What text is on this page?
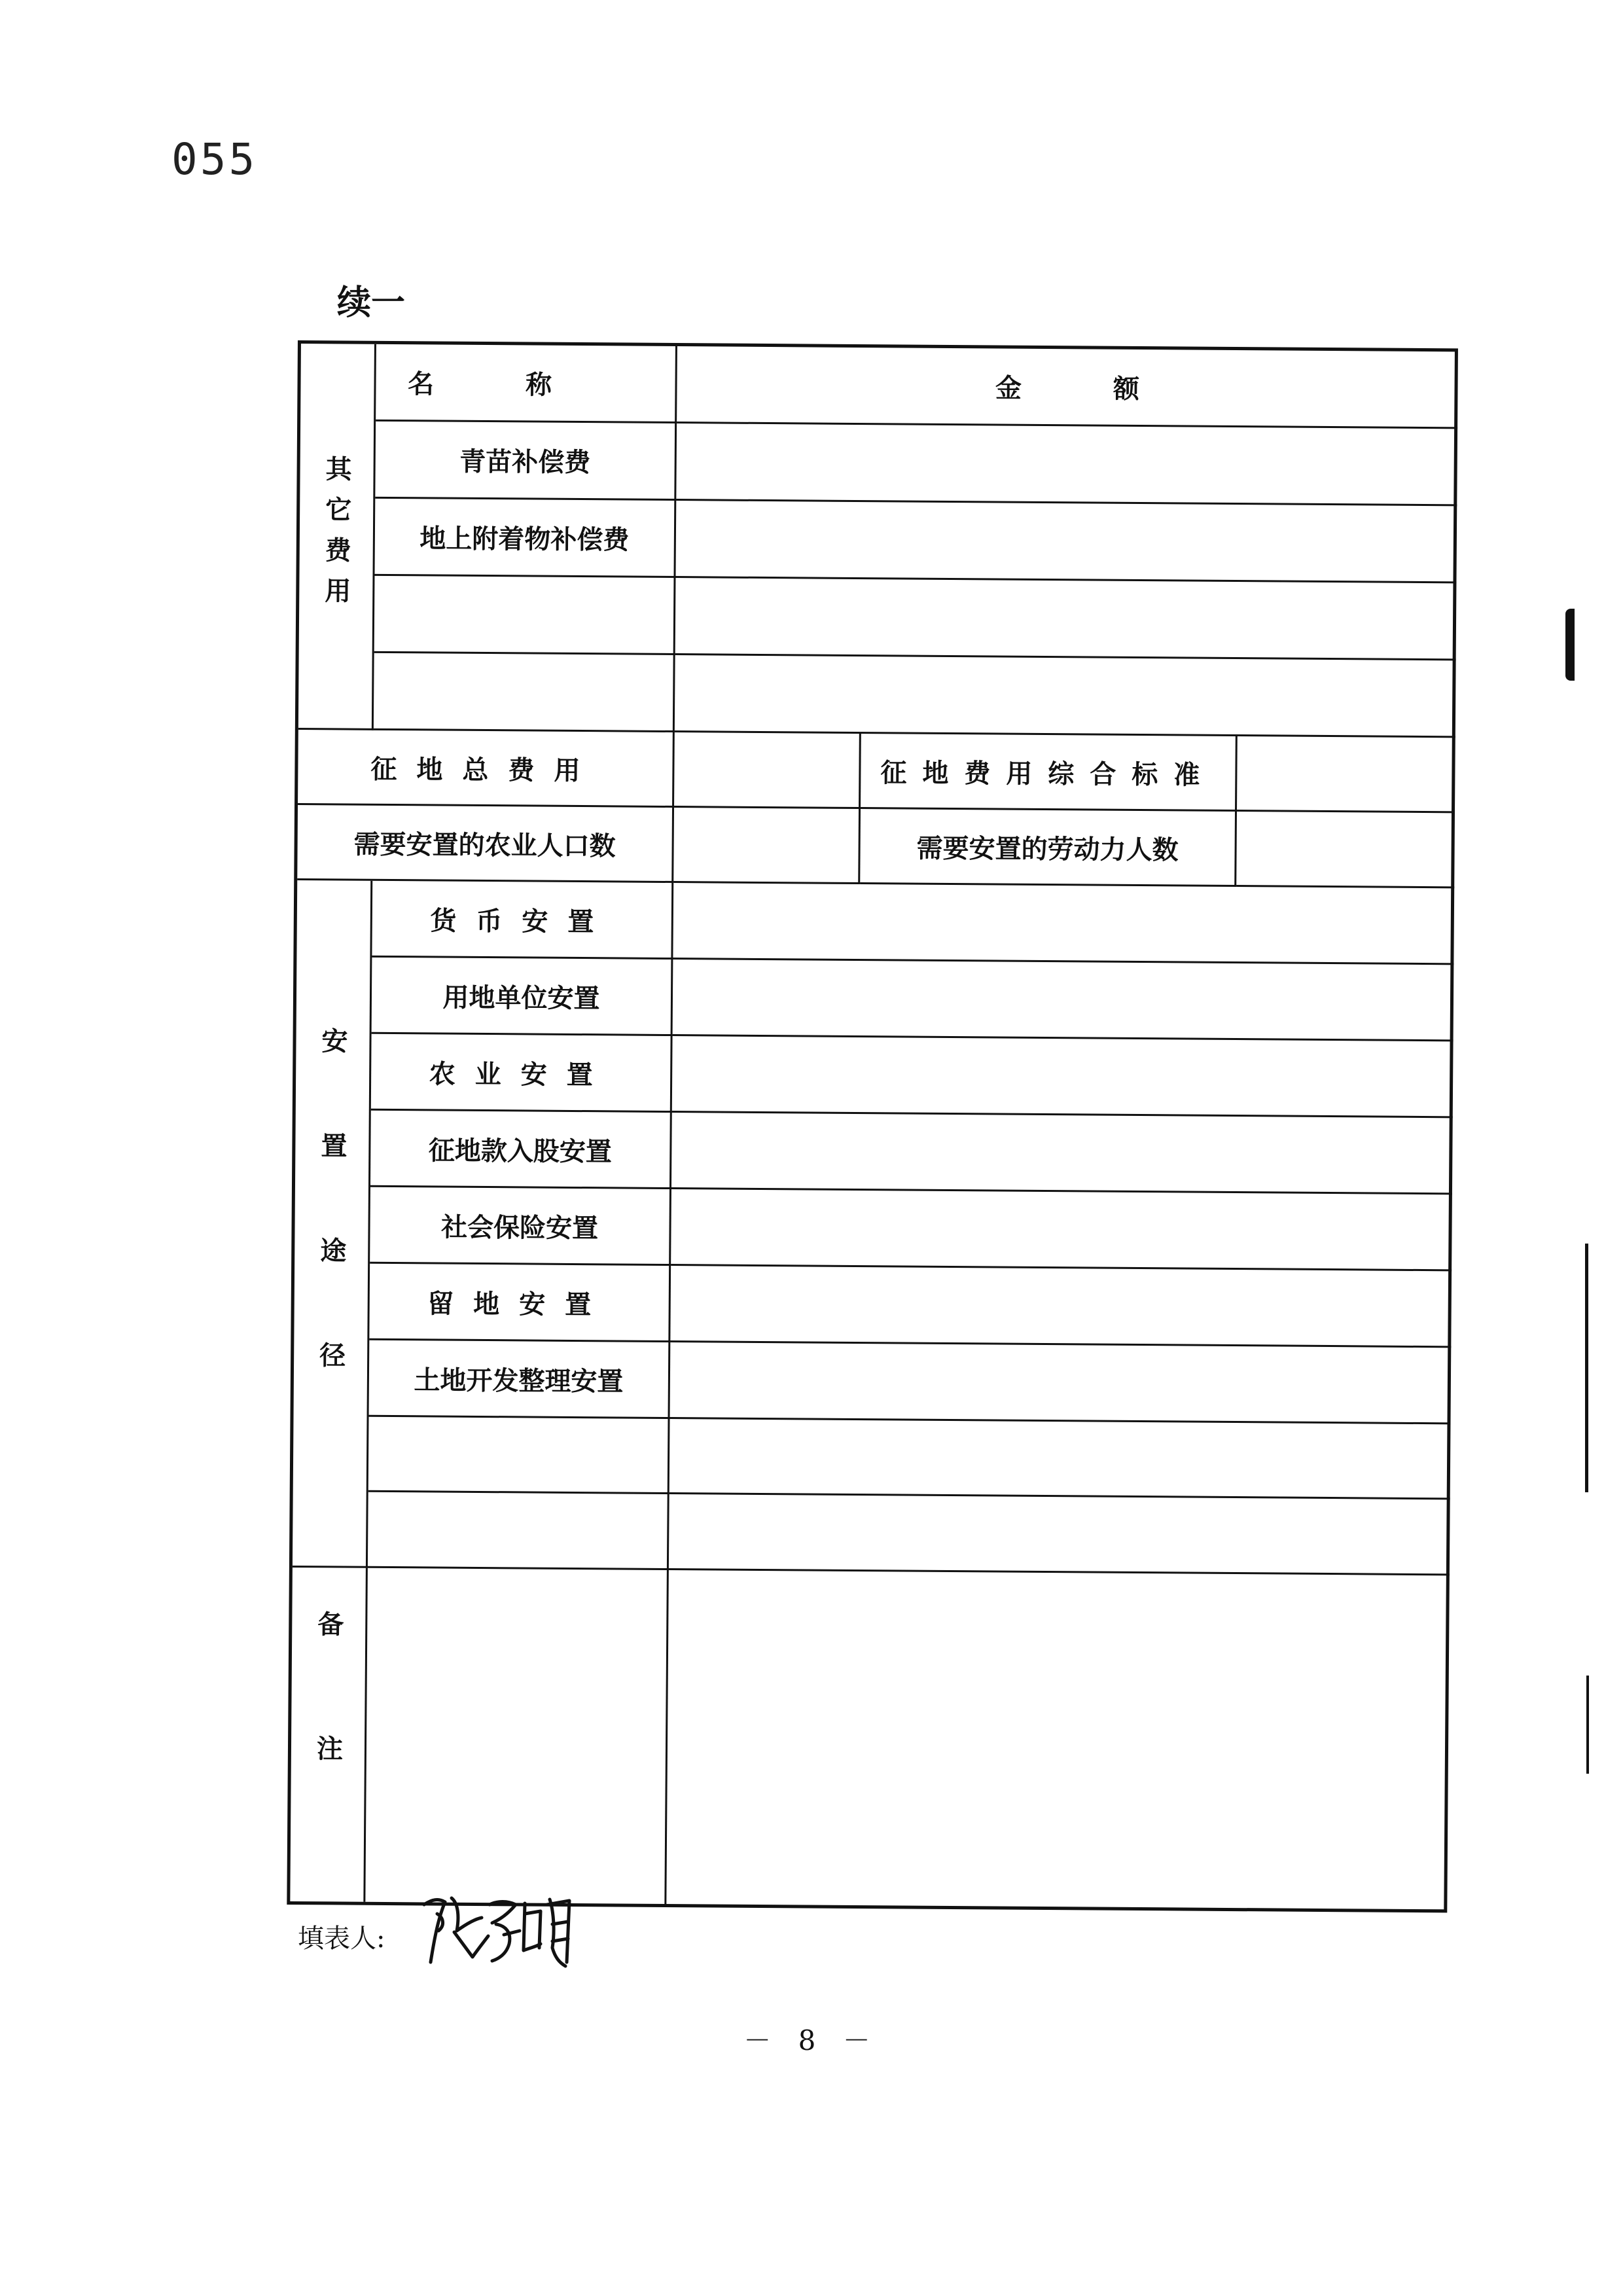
055
续一
其它费用
名称	金额
青苗补偿费
地上附着物补偿费
征地总费用	征地费用综合标准
需要安置的农业人口数	需要安置的劳动力人数
安置途径
货币安置
用地单位安置
农业安置
征地款入股安置
社会保险安置
留地安置
土地开发整理安置
备注
填表人:
－ 8 －
